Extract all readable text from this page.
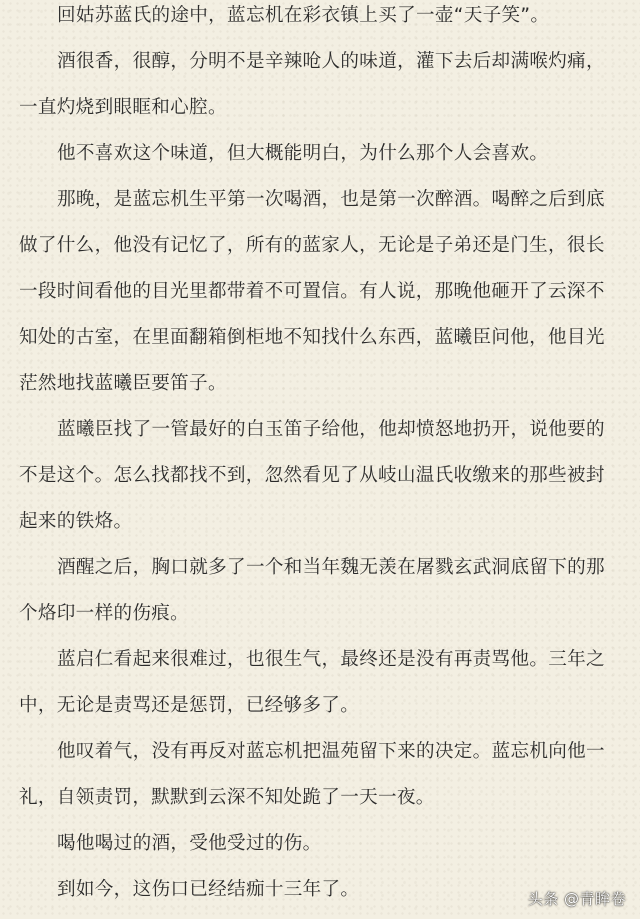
回姑苏蓝氏的途中，蓝忘机在彩衣镇上买了一壶“天子笑”。

酒很香，很醇，分明不是辛辣呛人的味道，灌下去后却满喉灼痛，一直灼烧到眼眶和心腔。

他不喜欢这个味道，但大概能明白，为什么那个人会喜欢。

那晚，是蓝忘机生平第一次喝酒，也是第一次醉酒。喝醉之后到底做了什么，他没有记忆了，所有的蓝家人，无论是子弟还是门生，很长一段时间看他的目光里都带着不可置信。有人说，那晚他砸开了云深不知处的古室，在里面翻箱倒柜地不知找什么东西，蓝曦臣问他，他目光茫然地找蓝曦臣要笛子。

蓝曦臣找了一管最好的白玉笛子给他，他却愤怒地扔开，说他要的不是这个。怎么找都找不到，忽然看见了从岐山温氏收缴来的那些被封起来的铁烙。

酒醒之后，胸口就多了一个和当年魏无羡在屠戮玄武洞底留下的那个烙印一样的伤痕。

蓝启仁看起来很难过，也很生气，最终还是没有再责骂他。三年之中，无论是责骂还是惩罚，已经够多了。

他叹着气，没有再反对蓝忘机把温苑留下来的决定。蓝忘机向他一礼，自领责罚，默默到云深不知处跪了一天一夜。

喝他喝过的酒，受他受过的伤。

到如今，这伤口已经结痂十三年了。	头条 @青眸卷
